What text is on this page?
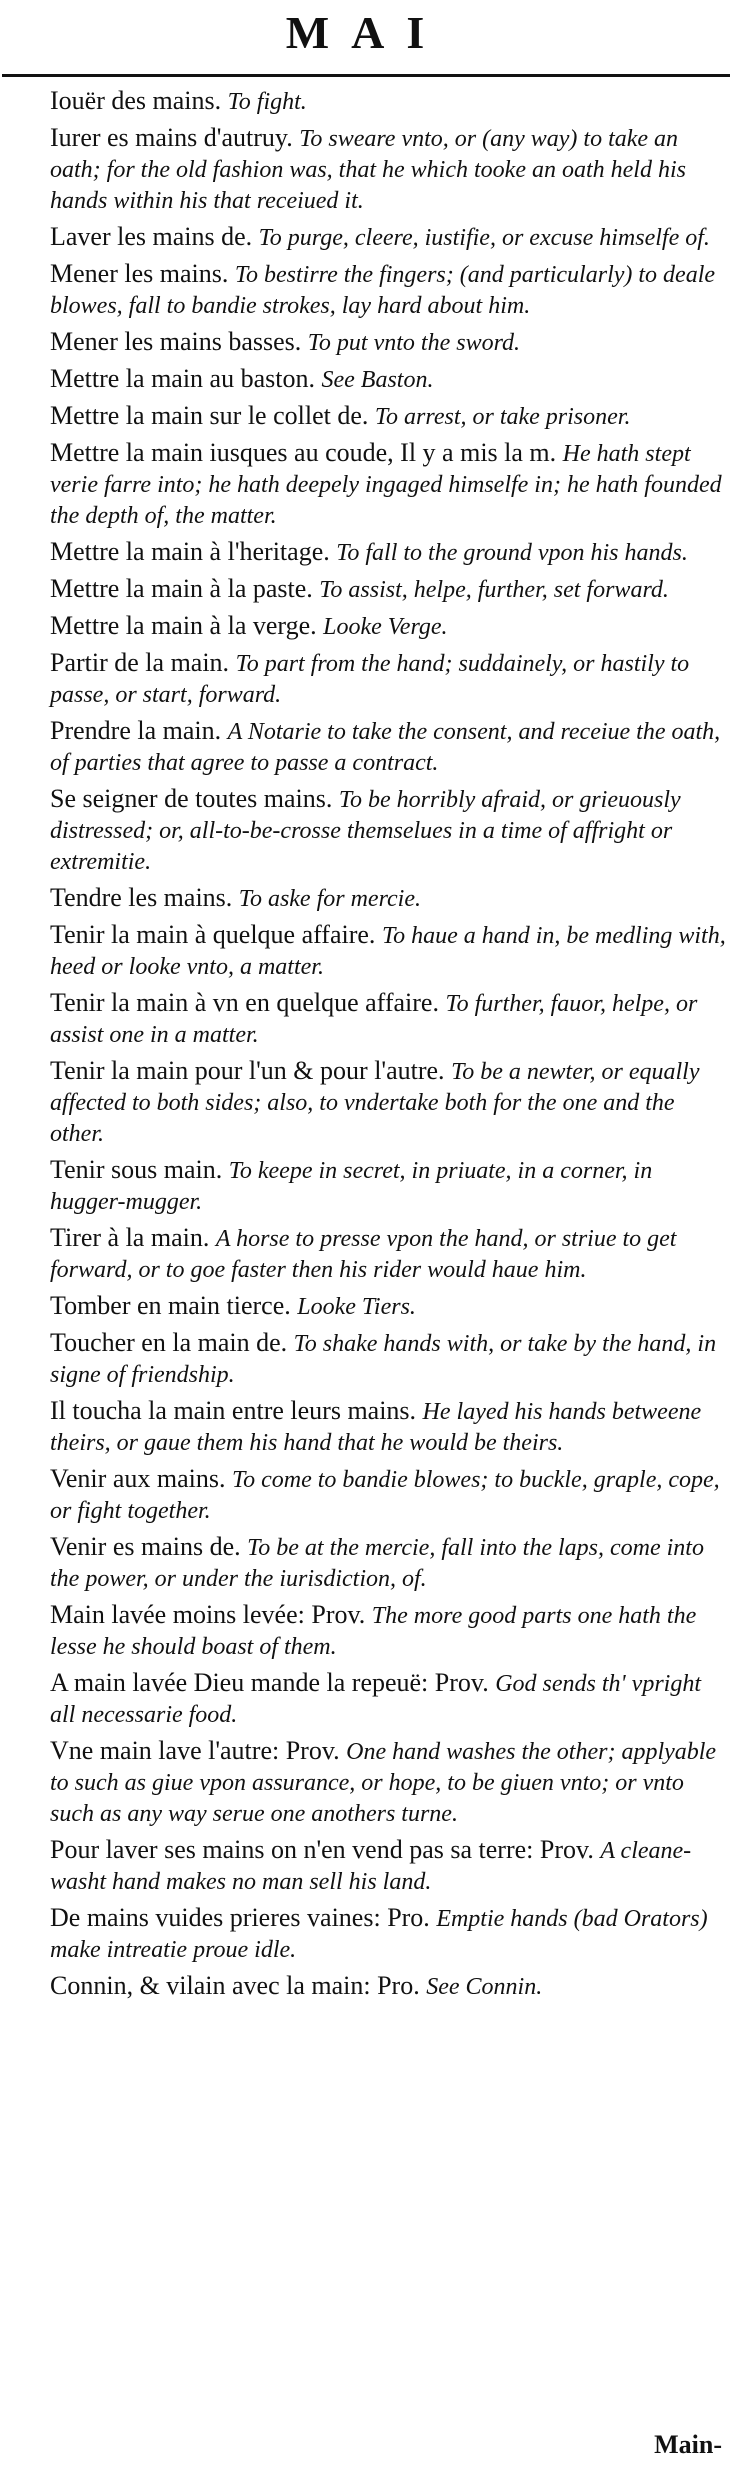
MAI
Iouër des mains. To fight.
Iurer es mains d'autruy. To sweare vnto, or (any way) to take an oath; for the old fashion was, that he which tooke an oath held his hands within his that receiued it.
Laver les mains de. To purge, cleere, iustifie, or excuse himselfe of.
Mener les mains. To bestirre the fingers; (and particularly) to deale blowes, fall to bandie strokes, lay hard about him.
Mener les mains basses. To put vnto the sword.
Mettre la main au baston. See Baston.
Mettre la main sur le collet de. To arrest, or take prisoner.
Mettre la main iusques au coude, Il y a mis la m. He hath stept verie farre into; he hath deepely ingaged himselfe in; he hath founded the depth of, the matter.
Mettre la main à l'heritage. To fall to the ground vpon his hands.
Mettre la main à la paste. To assist, helpe, further, set forward.
Mettre la main à la verge. Looke Verge.
Partir de la main. To part from the hand; suddainely, or hastily to passe, or start, forward.
Prendre la main. A Notarie to take the consent, and receiue the oath, of parties that agree to passe a contract.
Se seigner de toutes mains. To be horribly afraid, or grieuously distressed; or, all-to-be-crosse themselues in a time of affright or extremitie.
Tendre les mains. To aske for mercie.
Tenir la main à quelque affaire. To haue a hand in, be medling with, heed or looke vnto, a matter.
Tenir la main à vn en quelque affaire. To further, fauor, helpe, or assist one in a matter.
Tenir la main pour l'un & pour l'autre. To be a newter, or equally affected to both sides; also, to vndertake both for the one and the other.
Tenir sous main. To keepe in secret, in priuate, in a corner, in hugger-mugger.
Tirer à la main. A horse to presse vpon the hand, or striue to get forward, or to goe faster then his rider would haue him.
Tomber en main tierce. Looke Tiers.
Toucher en la main de. To shake hands with, or take by the hand, in signe of friendship.
Il toucha la main entre leurs mains. He layed his hands betweene theirs, or gaue them his hand that he would be theirs.
Venir aux mains. To come to bandie blowes; to buckle, graple, cope, or fight together.
Venir es mains de. To be at the mercie, fall into the laps, come into the power, or under the iurisdiction, of.
Main lavée moins levée: Prov. The more good parts one hath the lesse he should boast of them.
A main lavée Dieu mande la repeuë: Prov. God sends th' vpright all necessarie food.
Vne main lave l'autre: Prov. One hand washes the other; applyable to such as giue vpon assurance, or hope, to be giuen vnto; or vnto such as any way serue one anothers turne.
Pour laver ses mains on n'en vend pas sa terre: Prov. A cleane-washt hand makes no man sell his land.
De mains vuides prieres vaines: Pro. Emptie hands (bad Orators) make intreatie proue idle.
Connin, & vilain avec la main: Pro. See Connin.
Main-
